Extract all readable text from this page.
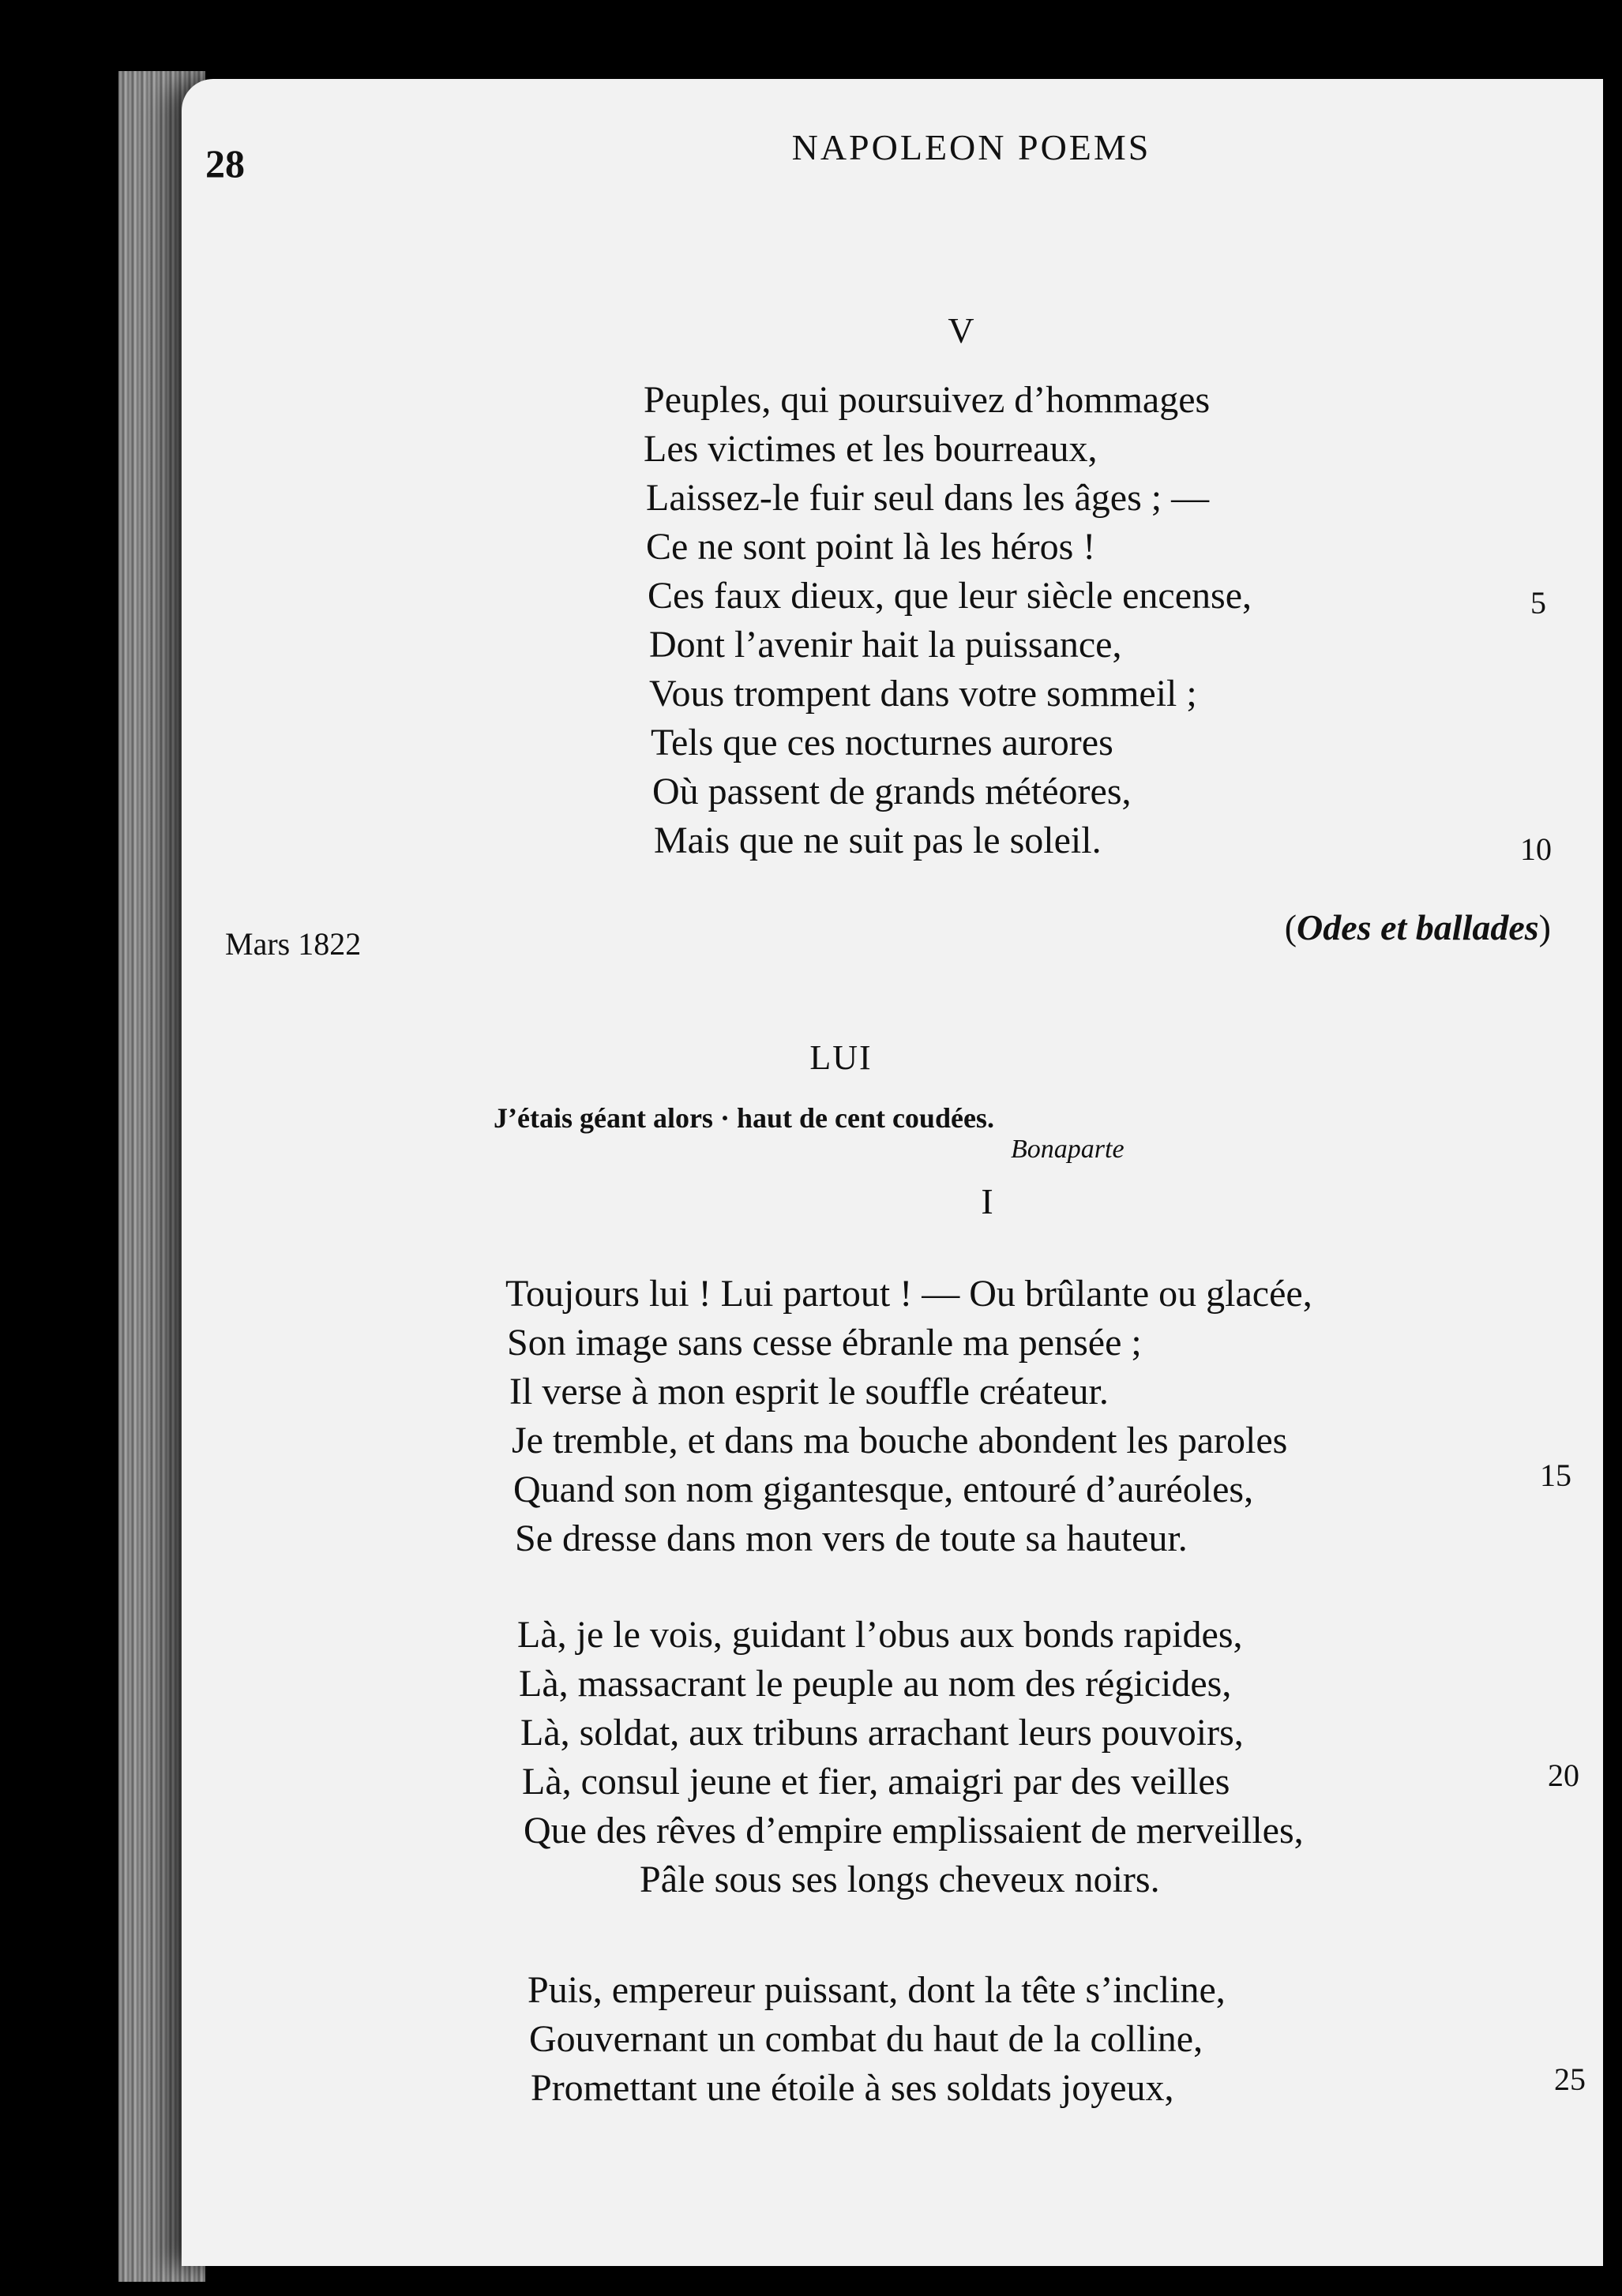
28	NAPOLEON POEMS
V
Peuples, qui poursuivez d’hommages
Les victimes et les bourreaux,
Laissez-le fuir seul dans les âges ; —
Ce ne sont point là les héros !
Ces faux dieux, que leur siècle encense,
Dont l’avenir hait la puissance,
Vous trompent dans votre sommeil ;
Tels que ces nocturnes aurores
Où passent de grands météores,
Mais que ne suit pas le soleil.
5
10
Mars 1822	(Odes et ballades)
LUI
J’étais géant alors · haut de cent coudées.
Bonaparte
I
Toujours lui ! Lui partout ! — Ou brûlante ou glacée,
Son image sans cesse ébranle ma pensée ;
Il verse à mon esprit le souffle créateur.
Je tremble, et dans ma bouche abondent les paroles
Quand son nom gigantesque, entouré d’auréoles,
Se dresse dans mon vers de toute sa hauteur.
15
Là, je le vois, guidant l’obus aux bonds rapides,
Là, massacrant le peuple au nom des régicides,
Là, soldat, aux tribuns arrachant leurs pouvoirs,
Là, consul jeune et fier, amaigri par des veilles
Que des rêves d’empire emplissaient de merveilles,
Pâle sous ses longs cheveux noirs.
20
Puis, empereur puissant, dont la tête s’incline,
Gouvernant un combat du haut de la colline,
Promettant une étoile à ses soldats joyeux,	25
